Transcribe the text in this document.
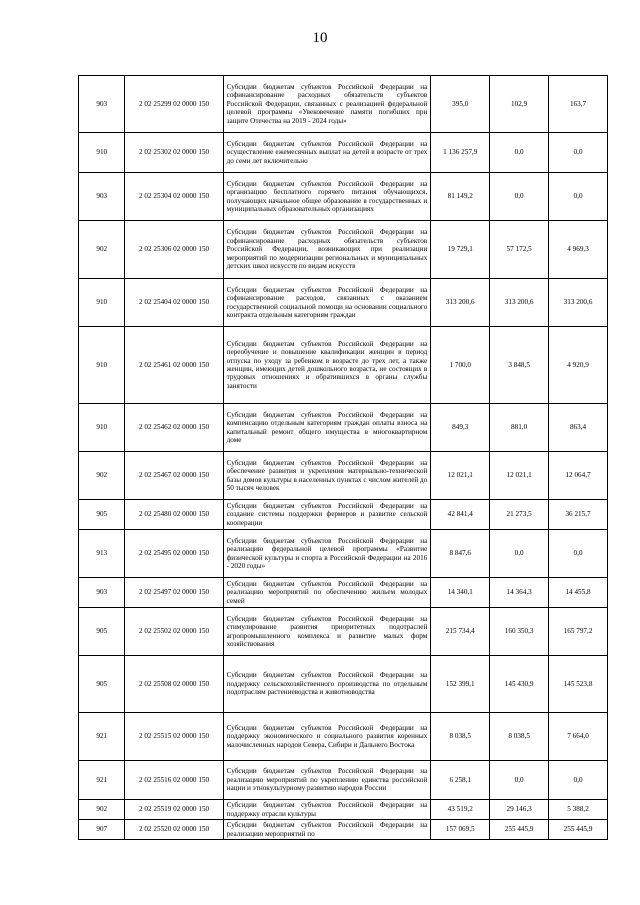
10
903	2 02 25299 02 0000 150	Субсидии бюджетам субъектов Российской Федерации на софинансирование расходных обязательств субъектов Российской Федерации, связанных с реализацией федеральной целевой программы «Увековечение памяти погибших при защите Отечества на 2019 - 2024 годы»	395,0	102,9	163,7
910	2 02 25302 02 0000 150	Субсидии бюджетам субъектов Российской Федерации на осуществление ежемесячных выплат на детей в возрасте от трех до семи лет включительно	1 136 257,9	0,0	0,0
903	2 02 25304 02 0000 150	Субсидии бюджетам субъектов Российской Федерации на организацию бесплатного горячего питания обучающихся, получающих начальное общее образование в государственных и муниципальных образовательных организациях	81 149,2	0,0	0,0
902	2 02 25306 02 0000 150	Субсидии бюджетам субъектов Российской Федерации на софинансирование расходных обязательств субъектов Российской Федерации, возникающих при реализации мероприятий по модернизации региональных и муниципальных детских школ искусств по видам искусств	19 729,1	57 172,5	4 969,3
910	2 02 25404 02 0000 150	Субсидии бюджетам субъектов Российской Федерации на софинансирование расходов, связанных с оказанием государственной социальной помощи на основании социального контракта отдельным категориям граждан	313 200,6	313 200,6	313 200,6
910	2 02 25461 02 0000 150	Субсидии бюджетам субъектов Российской Федерации на переобучение и повышение квалификации женщин в период отпуска по уходу за ребенком в возрасте до трех лет, а также женщин, имеющих детей дошкольного возраста, не состоящих в трудовых отношениях и обратившихся в органы службы занятости	1 700,0	3 848,5	4 920,9
910	2 02 25462 02 0000 150	Субсидии бюджетам субъектов Российской Федерации на компенсацию отдельным категориям граждан оплаты взноса на капитальный ремонт общего имущества в многоквартирном доме	849,3	881,0	863,4
902	2 02 25467 02 0000 150	Субсидии бюджетам субъектов Российской Федерации на обеспечение развития и укрепления материально-технической базы домов культуры в населенных пунктах с числом жителей до 50 тысяч человек	12 021,1	12 021,1	12 064,7
905	2 02 25480 02 0000 150	Субсидии бюджетам субъектов Российской Федерации на создание системы поддержки фермеров и развитие сельской кооперации	42 841,4	21 273,5	36 215,7
913	2 02 25495 02 0000 150	Субсидии бюджетам субъектов Российской Федерации на реализацию федеральной целевой программы «Развитие физической культуры и спорта в Российской Федерации на 2016 - 2020 годы»	8 847,6	0,0	0,0
903	2 02 25497 02 0000 150	Субсидии бюджетам субъектов Российской Федерации на реализацию мероприятий по обеспечению жильем молодых семей	14 340,1	14 364,3	14 455,8
905	2 02 25502 02 0000 150	Субсидии бюджетам субъектов Российской Федерации на стимулирование развития приоритетных подотраслей агропромышленного комплекса и развитие малых форм хозяйствования	215 734,4	160 350,3	165 797,2
905	2 02 25508 02 0000 150	Субсидии бюджетам субъектов Российской Федерации на поддержку сельскохозяйственного производства по отдельным подотраслям растениеводства и животноводства	152 399,1	145 430,9	145 523,8
921	2 02 25515 02 0000 150	Субсидии бюджетам субъектов Российской Федерации на поддержку экономического и социального развития коренных малочисленных народов Севера, Сибири и Дальнего Востока	8 038,5	8 038,5	7 664,0
921	2 02 25516 02 0000 150	Субсидии бюджетам субъектов Российской Федерации на реализацию мероприятий по укреплению единства российской нации и этнокультурному развитию народов России	6 258,1	0,0	0,0
902	2 02 25519 02 0000 150	Субсидии бюджетам субъектов Российской Федерации на поддержку отрасли культуры	43 519,2	29 146,3	5 388,2
907	2 02 25520 02 0000 150	Субсидии бюджетам субъектов Российской Федерации на реализацию мероприятий по	157 069,5	255 445,9	255 445,9
